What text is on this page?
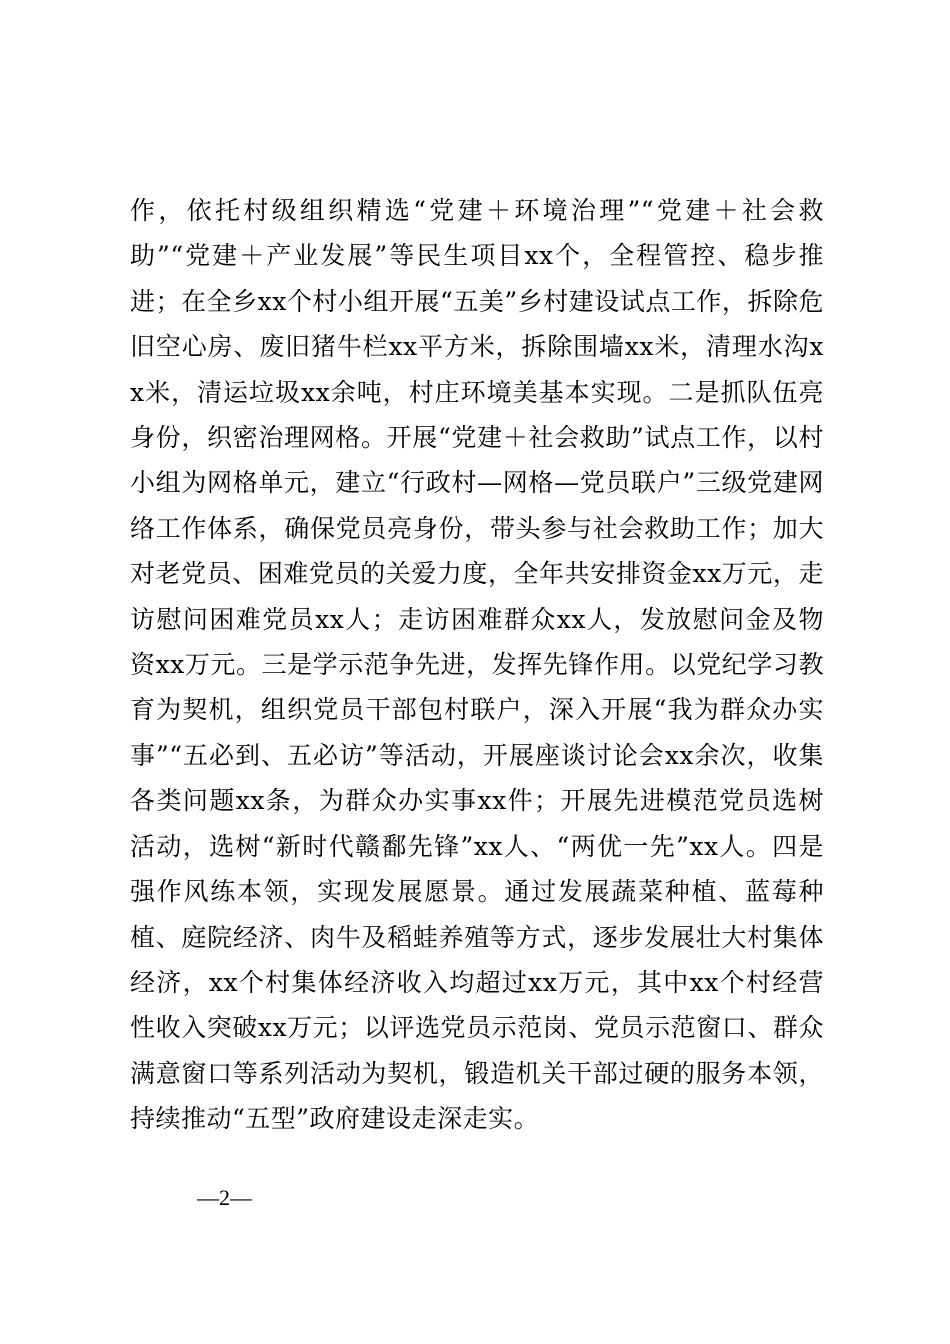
作，依托村级组织精选“党建＋环境治理”“党建＋社会救助”“党建＋产业发展”等民生项目xx个，全程管控、稳步推进；在全乡xx个村小组开展“五美”乡村建设试点工作，拆除危旧空心房、废旧猪牛栏xx平方米，拆除围墙xx米，清理水沟xx米，清运垃圾xx余吨，村庄环境美基本实现。二是抓队伍亮身份，织密治理网格。开展“党建＋社会救助”试点工作，以村小组为网格单元，建立“行政村—网格—党员联户”三级党建网络工作体系，确保党员亮身份，带头参与社会救助工作；加大对老党员、困难党员的关爱力度，全年共安排资金xx万元，走访慰问困难党员xx人；走访困难群众xx人，发放慰问金及物资xx万元。三是学示范争先进，发挥先锋作用。以党纪学习教育为契机，组织党员干部包村联户，深入开展“我为群众办实事”“五必到、五必访”等活动，开展座谈讨论会xx余次，收集各类问题xx条，为群众办实事xx件；开展先进模范党员选树活动，选树“新时代赣鄱先锋”xx人、“两优一先”xx人。四是强作风练本领，实现发展愿景。通过发展蔬菜种植、蓝莓种植、庭院经济、肉牛及稻蛙养殖等方式，逐步发展壮大村集体经济，xx个村集体经济收入均超过xx万元，其中xx个村经营性收入突破xx万元；以评选党员示范岗、党员示范窗口、群众满意窗口等系列活动为契机，锻造机关干部过硬的服务本领，持续推动“五型”政府建设走深走实。

—2—
